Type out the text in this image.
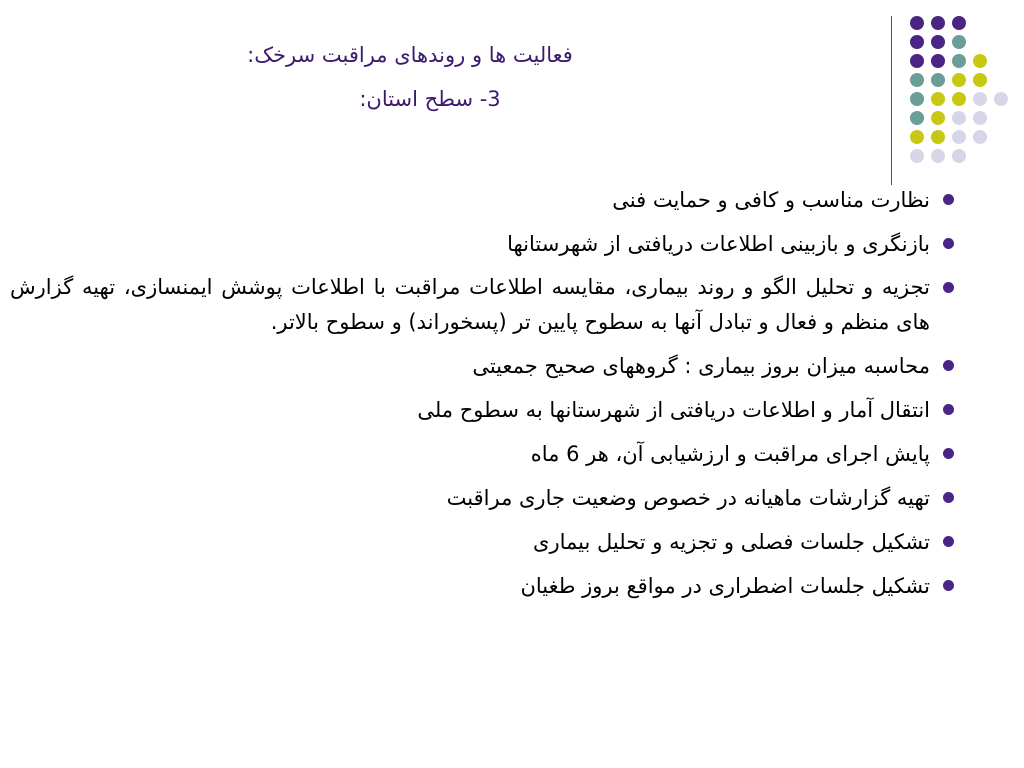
فعالیت ها و روندهای مراقبت سرخک:

3- سطح استان:

نظارت مناسب و کافی و حمایت فنی
بازنگری و بازبینی اطلاعات دریافتی از شهرستانها
تجزیه و تحلیل الگو و روند بیماری، مقایسه اطلاعات مراقبت با اطلاعات پوشش ایمنسازی، تهیه گزارش های منظم و فعال و تبادل آنها به سطوح پایین تر (پسخوراند) و سطوح بالاتر.
محاسبه میزان بروز بیماری : گروههای صحیح جمعیتی
انتقال آمار و اطلاعات دریافتی از شهرستانها به سطوح ملی
پایش اجرای مراقبت و ارزشیابی آن، هر 6 ماه
تهیه گزارشات ماهیانه در خصوص وضعیت جاری مراقبت
تشکیل جلسات فصلی و تجزیه و تحلیل بیماری
تشکیل جلسات اضطراری در مواقع بروز طغیان
